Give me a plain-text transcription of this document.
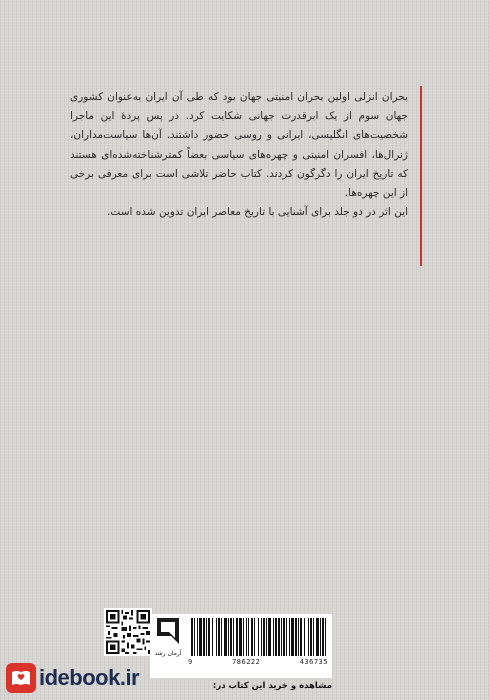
بحران انزلی اولین بحران امنیتی جهان بود که طی آن ایران به‌عنوان کشوری جهان سوم از یک ابرقدرت جهانی شکایت کرد. در پس پردهٔ این ماجرا شخصیت‌های انگلیسی، ایرانی و روسی حضور داشتند. آن‌ها سیاست‌مداران، ژنرال‌ها، افسران امنیتی و چهره‌های سیاسی بعضاً کمترشناخته‌شده‌ای هستند که تاریخ ایران را دگرگون کردند. کتاب حاضر تلاشی است برای معرفی برخی از این چهره‌ها.

این اثر در دو جلد برای آشنایی با تاریخ معاصر ایران تدوین شده است.

آرمان رشد
9	786222	436735
مشاهده و خرید این کتاب در:
idebook.ir
